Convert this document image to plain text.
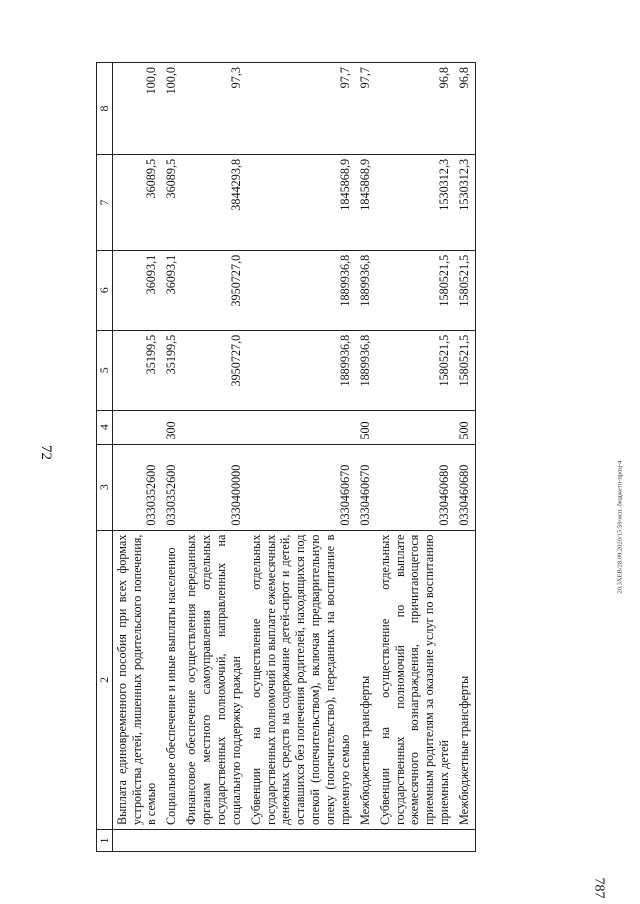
72
787
20.3ХЕВ/28.09.2020/15:59/исп. бюджетп-проц-4
1	2	3	4	5	6	7	8
	Выплата единовременного пособия при всех формах устройства детей, лишенных родительского попечения, в семью	0330352600		35199,5	36093,1	36089,5	100,0
	Социальное обеспечение и иные выплаты населению	0330352600	300	35199,5	36093,1	36089,5	100,0
	Финансовое обеспечение осуществления переданных органам местного самоуправления отдельных государственных полномочий, направленных на социальную поддержку граждан	0330400000		3950727,0	3950727,0	3844293,8	97,3
	Субвенции на осуществление отдельных государственных полномочий по выплате ежемесячных денежных средств на содержание детей-сирот и детей, оставшихся без попечения родителей, находящихся под опекой (попечительством), включая предварительную опеку (попечительство), переданных на воспитание в приемную семью	0330460670		1889936,8	1889936,8	1845868,9	97,7
	Межбюджетные трансферты	0330460670	500	1889936,8	1889936,8	1845868,9	97,7
	Субвенции на осуществление отдельных государственных полномочий по выплате ежемесячного вознаграждения, причитающегося приемным родителям за оказание услуг по воспитанию приемных детей	0330460680		1580521,5	1580521,5	1530312,3	96,8
	Межбюджетные трансферты	0330460680	500	1580521,5	1580521,5	1530312,3	96,8
